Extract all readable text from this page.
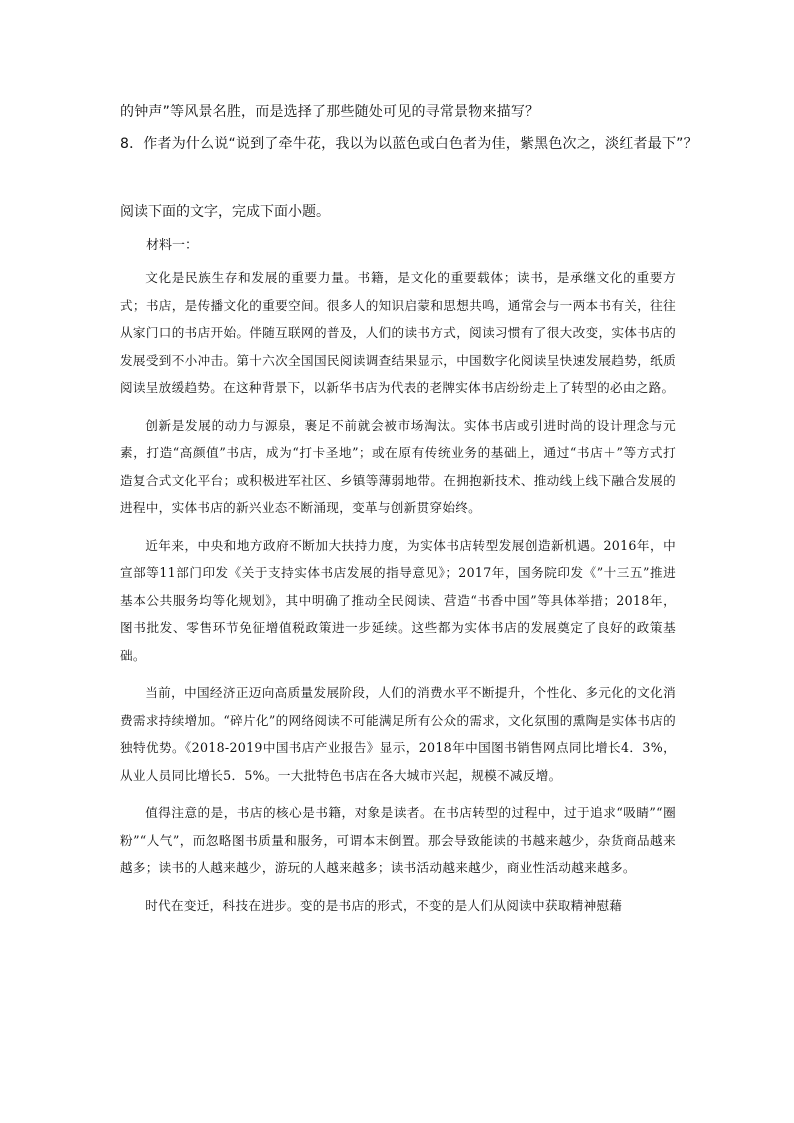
的钟声”等风景名胜，而是选择了那些随处可见的寻常景物来描写？
8．作者为什么说“说到了牵牛花，我以为以蓝色或白色者为佳，紫黑色次之，淡红者最下”？
阅读下面的文字，完成下面小题。
材料一：

文化是民族生存和发展的重要力量。书籍，是文化的重要载体；读书，是承继文化的重要方式；书店，是传播文化的重要空间。很多人的知识启蒙和思想共鸣，通常会与一两本书有关，往往从家门口的书店开始。伴随互联网的普及，人们的读书方式，阅读习惯有了很大改变，实体书店的发展受到不小冲击。第十六次全国国民阅读调查结果显示，中国数字化阅读呈快速发展趋势，纸质阅读呈放缓趋势。在这种背景下，以新华书店为代表的老牌实体书店纷纷走上了转型的必由之路。

创新是发展的动力与源泉，裹足不前就会被市场淘汰。实体书店或引进时尚的设计理念与元素，打造“高颜值”书店，成为“打卡圣地”；或在原有传统业务的基础上，通过“书店＋”等方式打造复合式文化平台；或积极进军社区、乡镇等薄弱地带。在拥抱新技术、推动线上线下融合发展的进程中，实体书店的新兴业态不断涌现，变革与创新贯穿始终。

近年来，中央和地方政府不断加大扶持力度，为实体书店转型发展创造新机遇。2016年，中宣部等11部门印发《关于支持实体书店发展的指导意见》；2017年，国务院印发《”十三五”推进基本公共服务均等化规划》，其中明确了推动全民阅读、营造“书香中国”等具体举措；2018年，图书批发、零售环节免征增值税政策进一步延续。这些都为实体书店的发展奠定了良好的政策基础。

当前，中国经济正迈向高质量发展阶段，人们的消费水平不断提升，个性化、多元化的文化消费需求持续增加。“碎片化”的网络阅读不可能满足所有公众的需求，文化氛围的熏陶是实体书店的独特优势。《2018-2019中国书店产业报告》显示，2018年中国图书销售网点同比增长4．3%，从业人员同比增长5．5%。一大批特色书店在各大城市兴起，规模不减反增。

值得注意的是，书店的核心是书籍，对象是读者。在书店转型的过程中，过于追求“吸睛”“圈粉”“人气”，而忽略图书质量和服务，可谓本末倒置。那会导致能读的书越来越少，杂货商品越来越多；读书的人越来越少，游玩的人越来越多；读书活动越来越少，商业性活动越来越多。

时代在变迁，科技在进步。变的是书店的形式，不变的是人们从阅读中获取精神慰藉
